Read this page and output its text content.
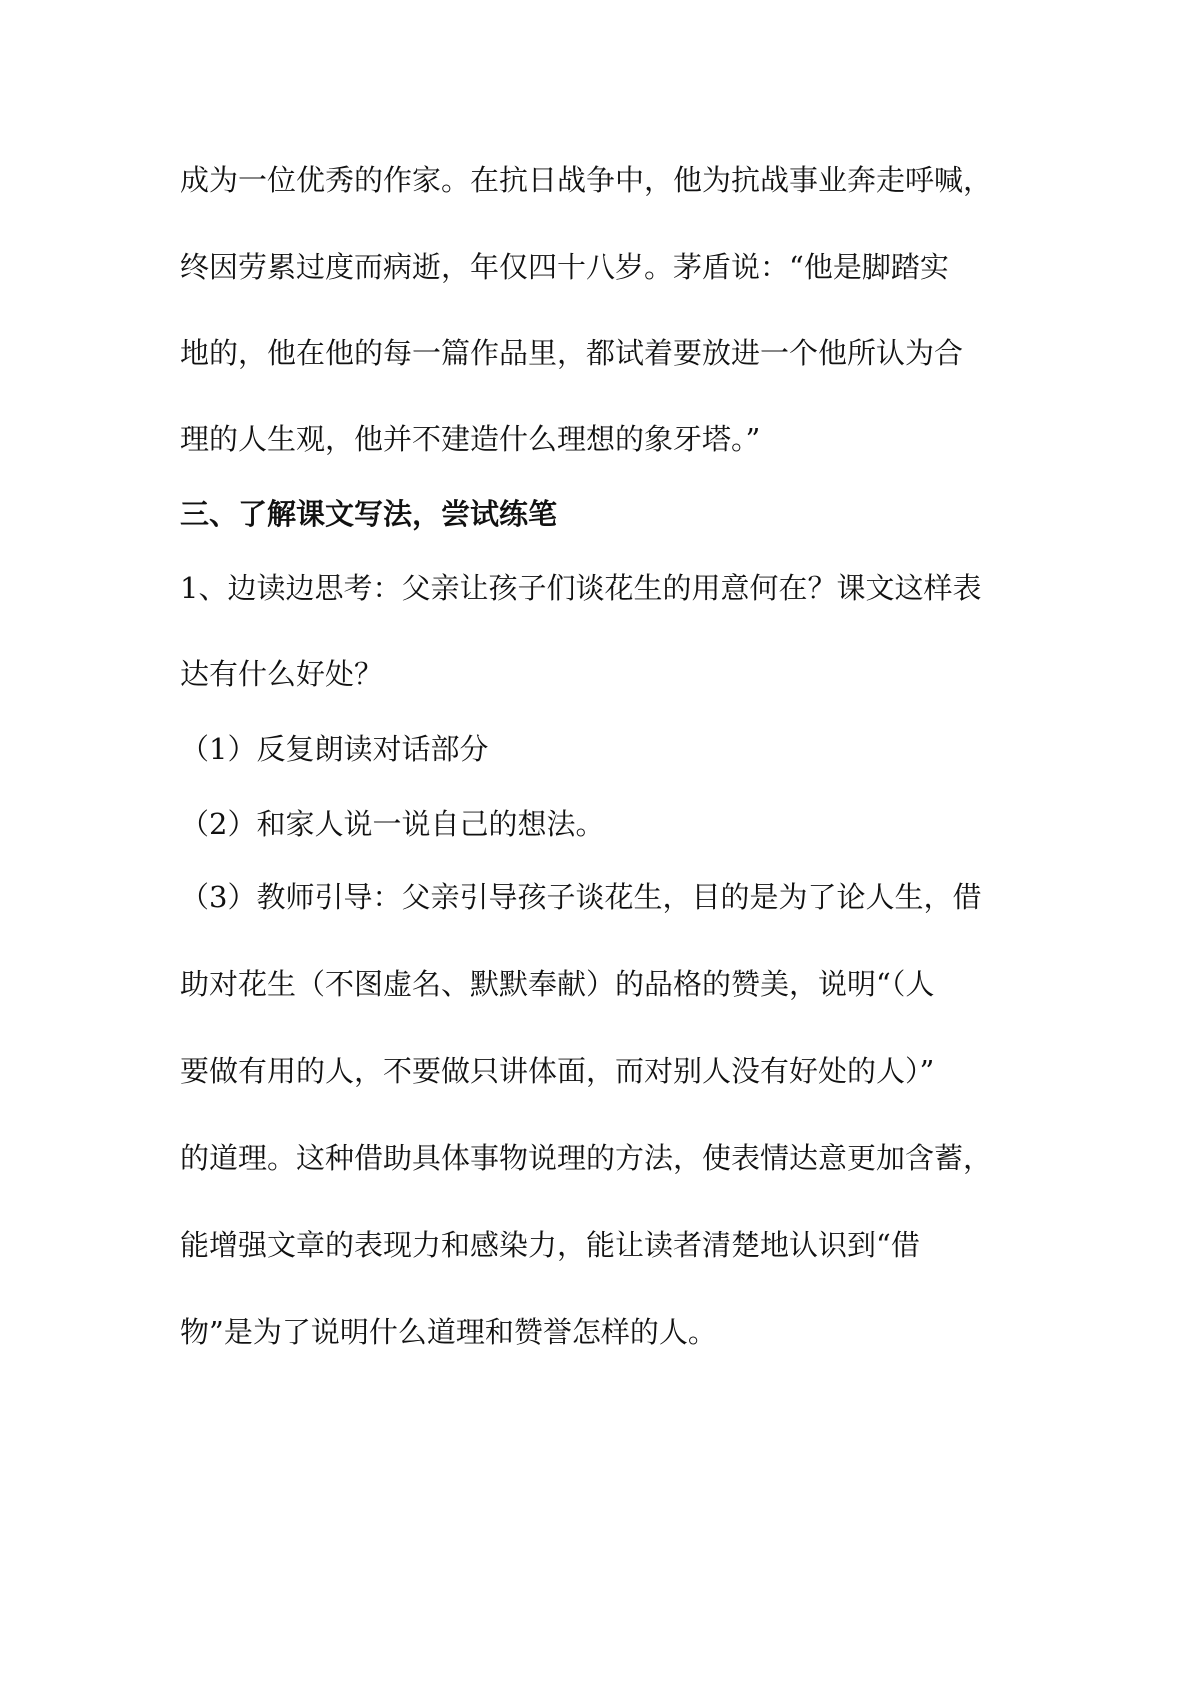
成为一位优秀的作家。在抗日战争中，他为抗战事业奔走呼喊，
终因劳累过度而病逝，年仅四十八岁。茅盾说：“他是脚踏实
地的，他在他的每一篇作品里，都试着要放进一个他所认为合
理的人生观，他并不建造什么理想的象牙塔。”
三、了解课文写法，尝试练笔
1、边读边思考：父亲让孩子们谈花生的用意何在？课文这样表
达有什么好处？
（1）反复朗读对话部分
（2）和家人说一说自己的想法。
（3）教师引导：父亲引导孩子谈花生，目的是为了论人生，借
助对花生（不图虚名、默默奉献）的品格的赞美，说明“（人
要做有用的人，不要做只讲体面，而对别人没有好处的人）”
的道理。这种借助具体事物说理的方法，使表情达意更加含蓄，
能增强文章的表现力和感染力，能让读者清楚地认识到“借
物”是为了说明什么道理和赞誉怎样的人。
